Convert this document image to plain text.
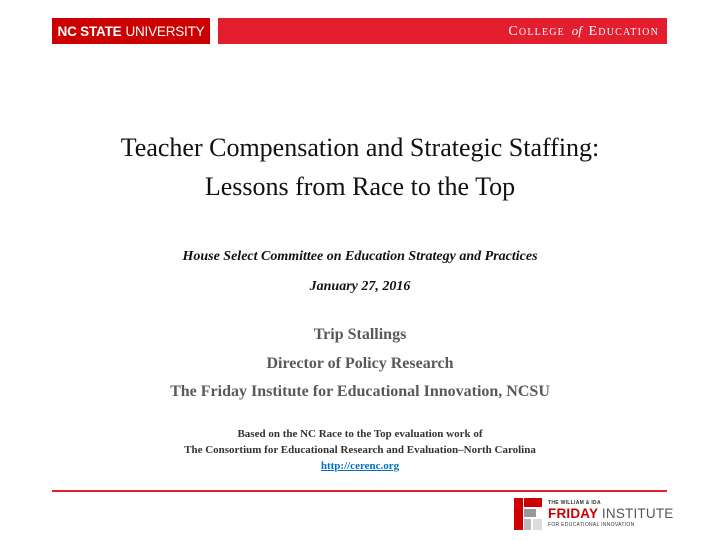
NC STATE UNIVERSITY	College of Education
Teacher Compensation and Strategic Staffing:
Lessons from Race to the Top
House Select Committee on Education Strategy and Practices
January 27, 2016
Trip Stallings
Director of Policy Research
The Friday Institute for Educational Innovation, NCSU
Based on the NC Race to the Top evaluation work of
The Consortium for Educational Research and Evaluation–North Carolina
http://cerenc.org
THE WILLIAM & IDA
FRIDAY INSTITUTE
FOR EDUCATIONAL INNOVATION
